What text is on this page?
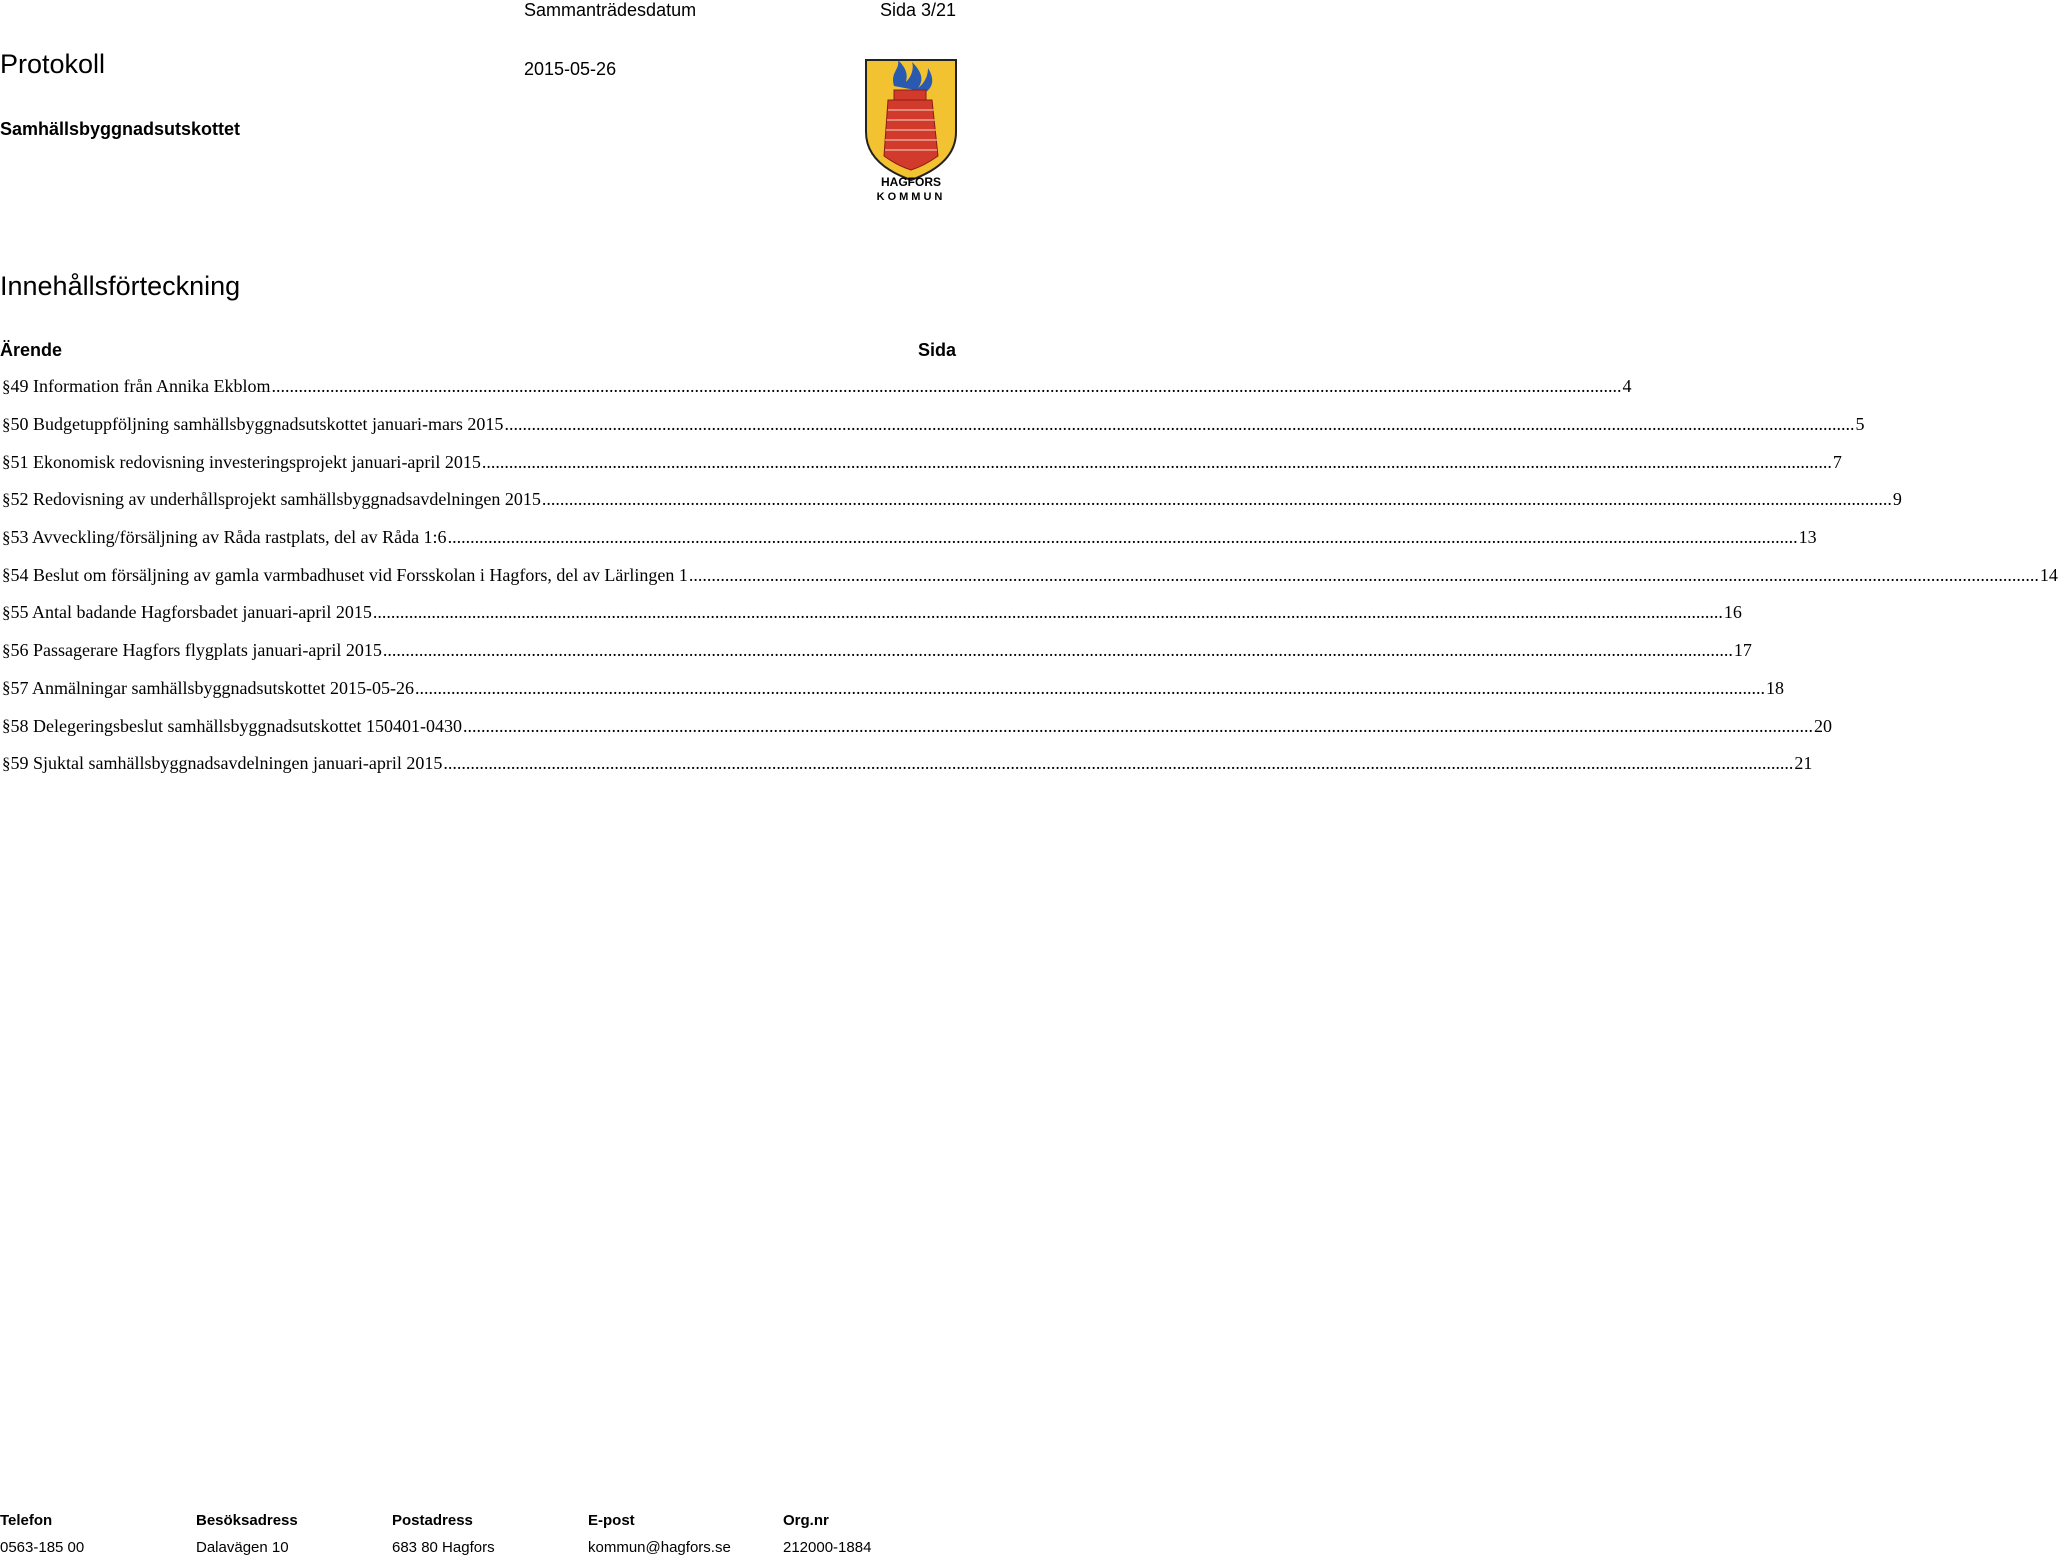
Sammanträdesdatum	Sida 3/21
Protokoll	2015-05-26
Samhällsbyggnadsutskottet
HAGFORS
KOMMUN
Innehållsförteckning
Ärende	Sida
§ 49 Information från Annika Ekblom ............................................................................................................................................................................................................................................................................................................ 4
§ 50 Budgetuppföljning samhällsbyggnadsutskottet januari-mars 2015 ............................................................................................................................................................................................................................................................................................................ 5
§ 51 Ekonomisk redovisning investeringsprojekt januari-april 2015 ............................................................................................................................................................................................................................................................................................................ 7
§ 52 Redovisning av underhållsprojekt samhällsbyggnadsavdelningen 2015 ............................................................................................................................................................................................................................................................................................................ 9
§ 53 Avveckling/försäljning av Råda rastplats, del av Råda 1:6 ............................................................................................................................................................................................................................................................................................................ 13
§ 54 Beslut om försäljning av gamla varmbadhuset vid Forsskolan i Hagfors, del av Lärlingen 1 ............................................................................................................................................................................................................................................................................................................ 14
§ 55 Antal badande Hagforsbadet januari-april 2015 ............................................................................................................................................................................................................................................................................................................ 16
§ 56 Passagerare Hagfors flygplats januari-april 2015 ............................................................................................................................................................................................................................................................................................................ 17
§ 57 Anmälningar samhällsbyggnadsutskottet 2015-05-26 ............................................................................................................................................................................................................................................................................................................ 18
§ 58 Delegeringsbeslut samhällsbyggnadsutskottet 150401-0430 ............................................................................................................................................................................................................................................................................................................ 20
§ 59 Sjuktal samhällsbyggnadsavdelningen januari-april 2015 ............................................................................................................................................................................................................................................................................................................ 21
Telefon
0563-185 00
Besöksadress
Dalavägen 10
Postadress
683 80 Hagfors
E-post
kommun@hagfors.se
Org.nr
212000-1884
